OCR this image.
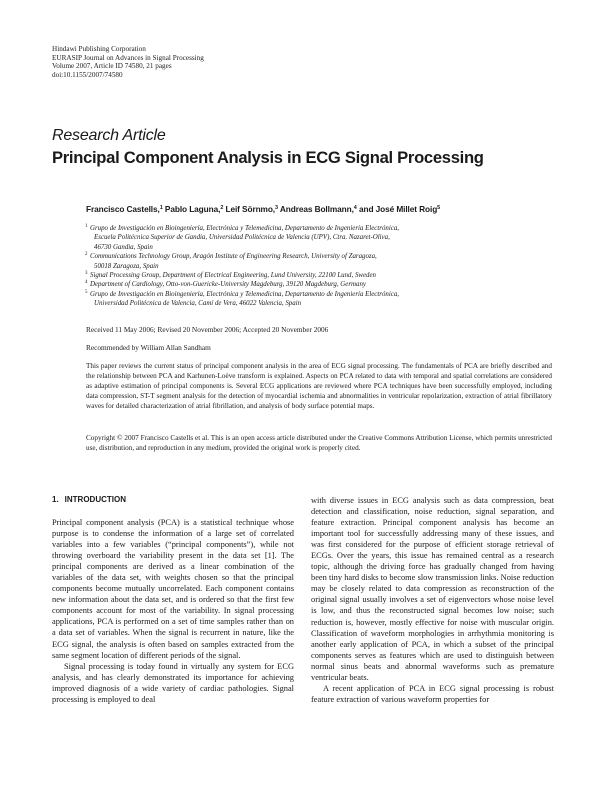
Hindawi Publishing Corporation
EURASIP Journal on Advances in Signal Processing
Volume 2007, Article ID 74580, 21 pages
doi:10.1155/2007/74580
Research Article
Principal Component Analysis in ECG Signal Processing
Francisco Castells,$^1$ Pablo Laguna,$^2$ Leif Sörnmo,$^3$ Andreas Bollmann,$^4$ and José Millet Roig$^5$
1 Grupo de Investigación en Bioingeniería, Electrónica y Telemedicina, Departamento de Ingeniería Electrónica,
Escuela Politécnica Superior de Gandia, Universidad Politécnica de Valencia (UPV), Ctra. Nazaret-Oliva,
46730 Gandia, Spain
2 Communications Technology Group, Aragón Institute of Engineering Research, University of Zaragoza,
50018 Zaragoza, Spain
3 Signal Processing Group, Department of Electrical Engineering, Lund University, 22100 Lund, Sweden
4 Department of Cardiology, Otto-von-Guericke-University Magdeburg, 39120 Magdeburg, Germany
5 Grupo de Investigación en Bioingeniería, Electrónica y Telemedicina, Departamento de Ingeniería Electrónica,
Universidad Politécnica de Valencia, Camí de Vera, 46022 Valencia, Spain
Received 11 May 2006; Revised 20 November 2006; Accepted 20 November 2006
Recommended by William Allan Sandham
This paper reviews the current status of principal component analysis in the area of ECG signal processing. The fundamentals of PCA are briefly described and the relationship between PCA and Karhunen-Loève transform is explained. Aspects on PCA related to data with temporal and spatial correlations are considered as adaptive estimation of principal components is. Several ECG applications are reviewed where PCA techniques have been successfully employed, including data compression, ST-T segment analysis for the detection of myocardial ischemia and abnormalities in ventricular repolarization, extraction of atrial fibrillatory waves for detailed characterization of atrial fibrillation, and analysis of body surface potential maps.
Copyright © 2007 Francisco Castells et al. This is an open access article distributed under the Creative Commons Attribution License, which permits unrestricted use, distribution, and reproduction in any medium, provided the original work is properly cited.
1. INTRODUCTION

Principal component analysis (PCA) is a statistical technique whose purpose is to condense the information of a large set of correlated variables into a few variables (“principal components”), while not throwing overboard the variability present in the data set [1]. The principal components are derived as a linear combination of the variables of the data set, with weights chosen so that the principal components become mutually uncorrelated. Each component contains new information about the data set, and is ordered so that the first few components account for most of the variability. In signal processing applications, PCA is performed on a set of time samples rather than on a data set of variables. When the signal is recurrent in nature, like the ECG signal, the analysis is often based on samples extracted from the same segment location of different periods of the signal.

Signal processing is today found in virtually any system for ECG analysis, and has clearly demonstrated its importance for achieving improved diagnosis of a wide variety of cardiac pathologies. Signal processing is employed to deal

with diverse issues in ECG analysis such as data compression, beat detection and classification, noise reduction, signal separation, and feature extraction. Principal component analysis has become an important tool for successfully addressing many of these issues, and was first considered for the purpose of efficient storage retrieval of ECGs. Over the years, this issue has remained central as a research topic, although the driving force has gradually changed from having been tiny hard disks to become slow transmission links. Noise reduction may be closely related to data compression as reconstruction of the original signal usually involves a set of eigenvectors whose noise level is low, and thus the reconstructed signal becomes low noise; such reduction is, however, mostly effective for noise with muscular origin. Classification of waveform morphologies in arrhythmia monitoring is another early application of PCA, in which a subset of the principal components serves as features which are used to distinguish between normal sinus beats and abnormal waveforms such as premature ventricular beats.

A recent application of PCA in ECG signal processing is robust feature extraction of various waveform properties for
